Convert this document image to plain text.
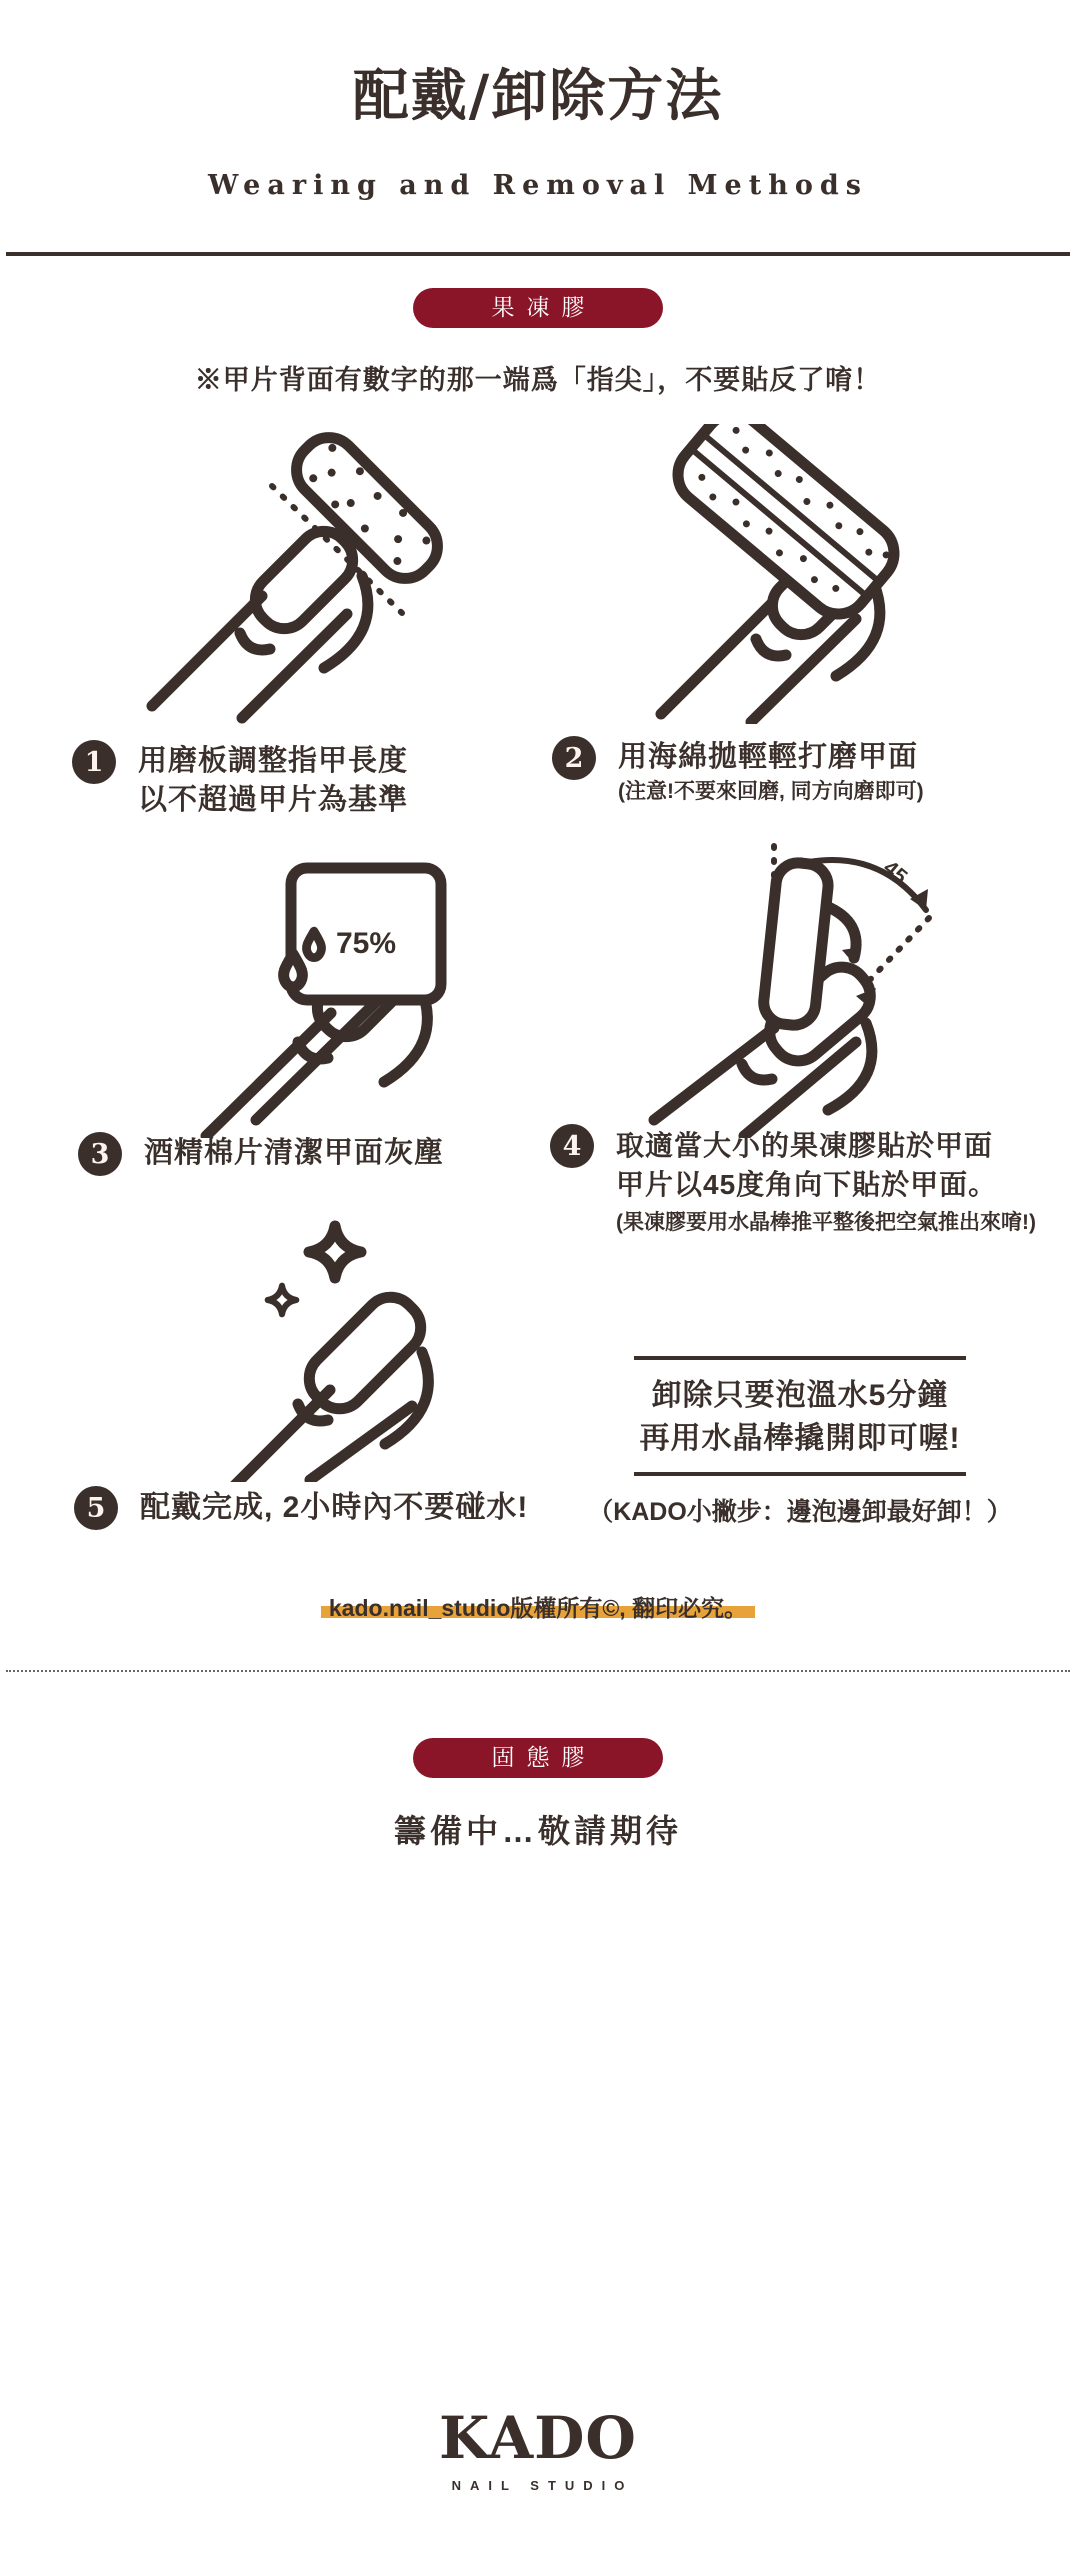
配戴/卸除方法
Wearing and Removal Methods
果凍膠
※甲片背面有數字的那一端爲「指尖」，不要貼反了唷！
1	用磨板調整指甲長度
以不超過甲片為基準
2	用海綿拋輕輕打磨甲面
(注意!不要來回磨, 同方向磨即可)
75%
45
3	酒精棉片清潔甲面灰塵	4	取適當大小的果凍膠貼於甲面
甲片以45度角向下貼於甲面。
(果凍膠要用水晶棒推平整後把空氣推出來唷!)
卸除只要泡溫水5分鐘
再用水晶棒撬開即可喔!
（KADO小撇步：邊泡邊卸最好卸！）
5	配戴完成, 2小時內不要碰水!
kado.nail_studio版權所有©, 翻印必究。
固態膠
籌備中…敬請期待
KADO
NAIL STUDIO
